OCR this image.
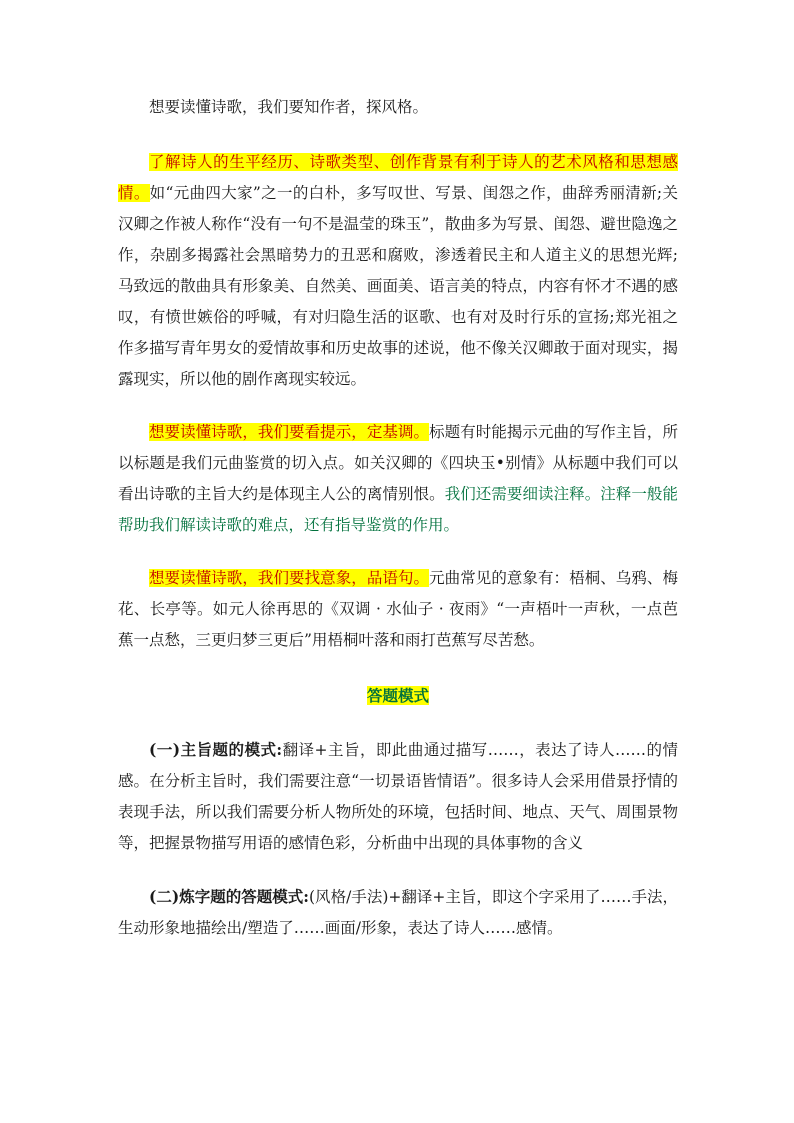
想要读懂诗歌，我们要知作者，探风格。

了解诗人的生平经历、诗歌类型、创作背景有利于诗人的艺术风格和思想感情。如“元曲四大家”之一的白朴，多写叹世、写景、闺怨之作，曲辞秀丽清新;关汉卿之作被人称作“没有一句不是温莹的珠玉”，散曲多为写景、闺怨、避世隐逸之作，杂剧多揭露社会黑暗势力的丑恶和腐败，渗透着民主和人道主义的思想光辉;马致远的散曲具有形象美、自然美、画面美、语言美的特点，内容有怀才不遇的感叹，有愤世嫉俗的呼喊，有对归隐生活的讴歌、也有对及时行乐的宣扬;郑光祖之作多描写青年男女的爱情故事和历史故事的述说，他不像关汉卿敢于面对现实，揭露现实，所以他的剧作离现实较远。

想要读懂诗歌，我们要看提示，定基调。标题有时能揭示元曲的写作主旨，所以标题是我们元曲鉴赏的切入点。如关汉卿的《四块玉•别情》从标题中我们可以看出诗歌的主旨大约是体现主人公的离情别恨。我们还需要细读注释。注释一般能帮助我们解读诗歌的难点，还有指导鉴赏的作用。

想要读懂诗歌，我们要找意象，品语句。元曲常见的意象有：梧桐、乌鸦、梅花、长亭等。如元人徐再思的《双调 · 水仙子 · 夜雨》“一声梧叶一声秋，一点芭蕉一点愁，三更归梦三更后”用梧桐叶落和雨打芭蕉写尽苦愁。

答题模式

(一)主旨题的模式:翻译+主旨，即此曲通过描写……，表达了诗人……的情感。在分析主旨时，我们需要注意“一切景语皆情语”。很多诗人会采用借景抒情的表现手法，所以我们需要分析人物所处的环境，包括时间、地点、天气、周围景物等，把握景物描写用语的感情色彩，分析曲中出现的具体事物的含义

(二)炼字题的答题模式:(风格/手法)+翻译+主旨，即这个字采用了……手法，生动形象地描绘出/塑造了……画面/形象，表达了诗人……感情。
